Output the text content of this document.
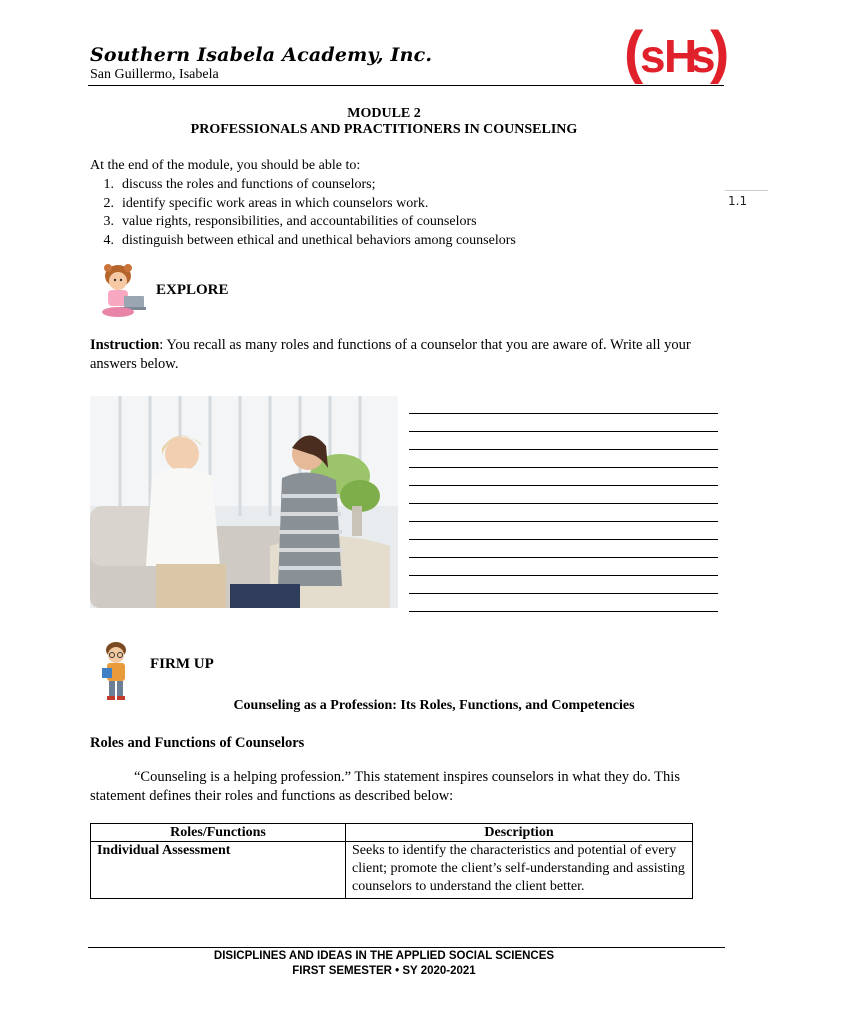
Southern Isabela Academy, Inc.
San Guillermo, Isabela	(
s
H
s
)
MODULE 2
PROFESSIONALS AND PRACTITIONERS IN COUNSELING
At the end of the module, you should be able to:
1. discuss the roles and functions of counselors;
2. identify specific work areas in which counselors work.
3. value rights, responsibilities, and accountabilities of counselors
4. distinguish between ethical and unethical behaviors among counselors
1.1
EXPLORE
Instruction: You recall as many roles and functions of a counselor that you are aware of. Write all your answers below.
FIRM UP
Counseling as a Profession: Its Roles, Functions, and Competencies
Roles and Functions of Counselors
“Counseling is a helping profession.” This statement inspires counselors in what they do. This statement defines their roles and functions as described below:
Roles/Functions	Description
Individual Assessment	Seeks to identify the characteristics and potential of every client; promote the client’s self-understanding and assisting counselors to understand the client better.
DISICPLINES AND IDEAS IN THE APPLIED SOCIAL SCIENCES
FIRST SEMESTER • SY 2020-2021
